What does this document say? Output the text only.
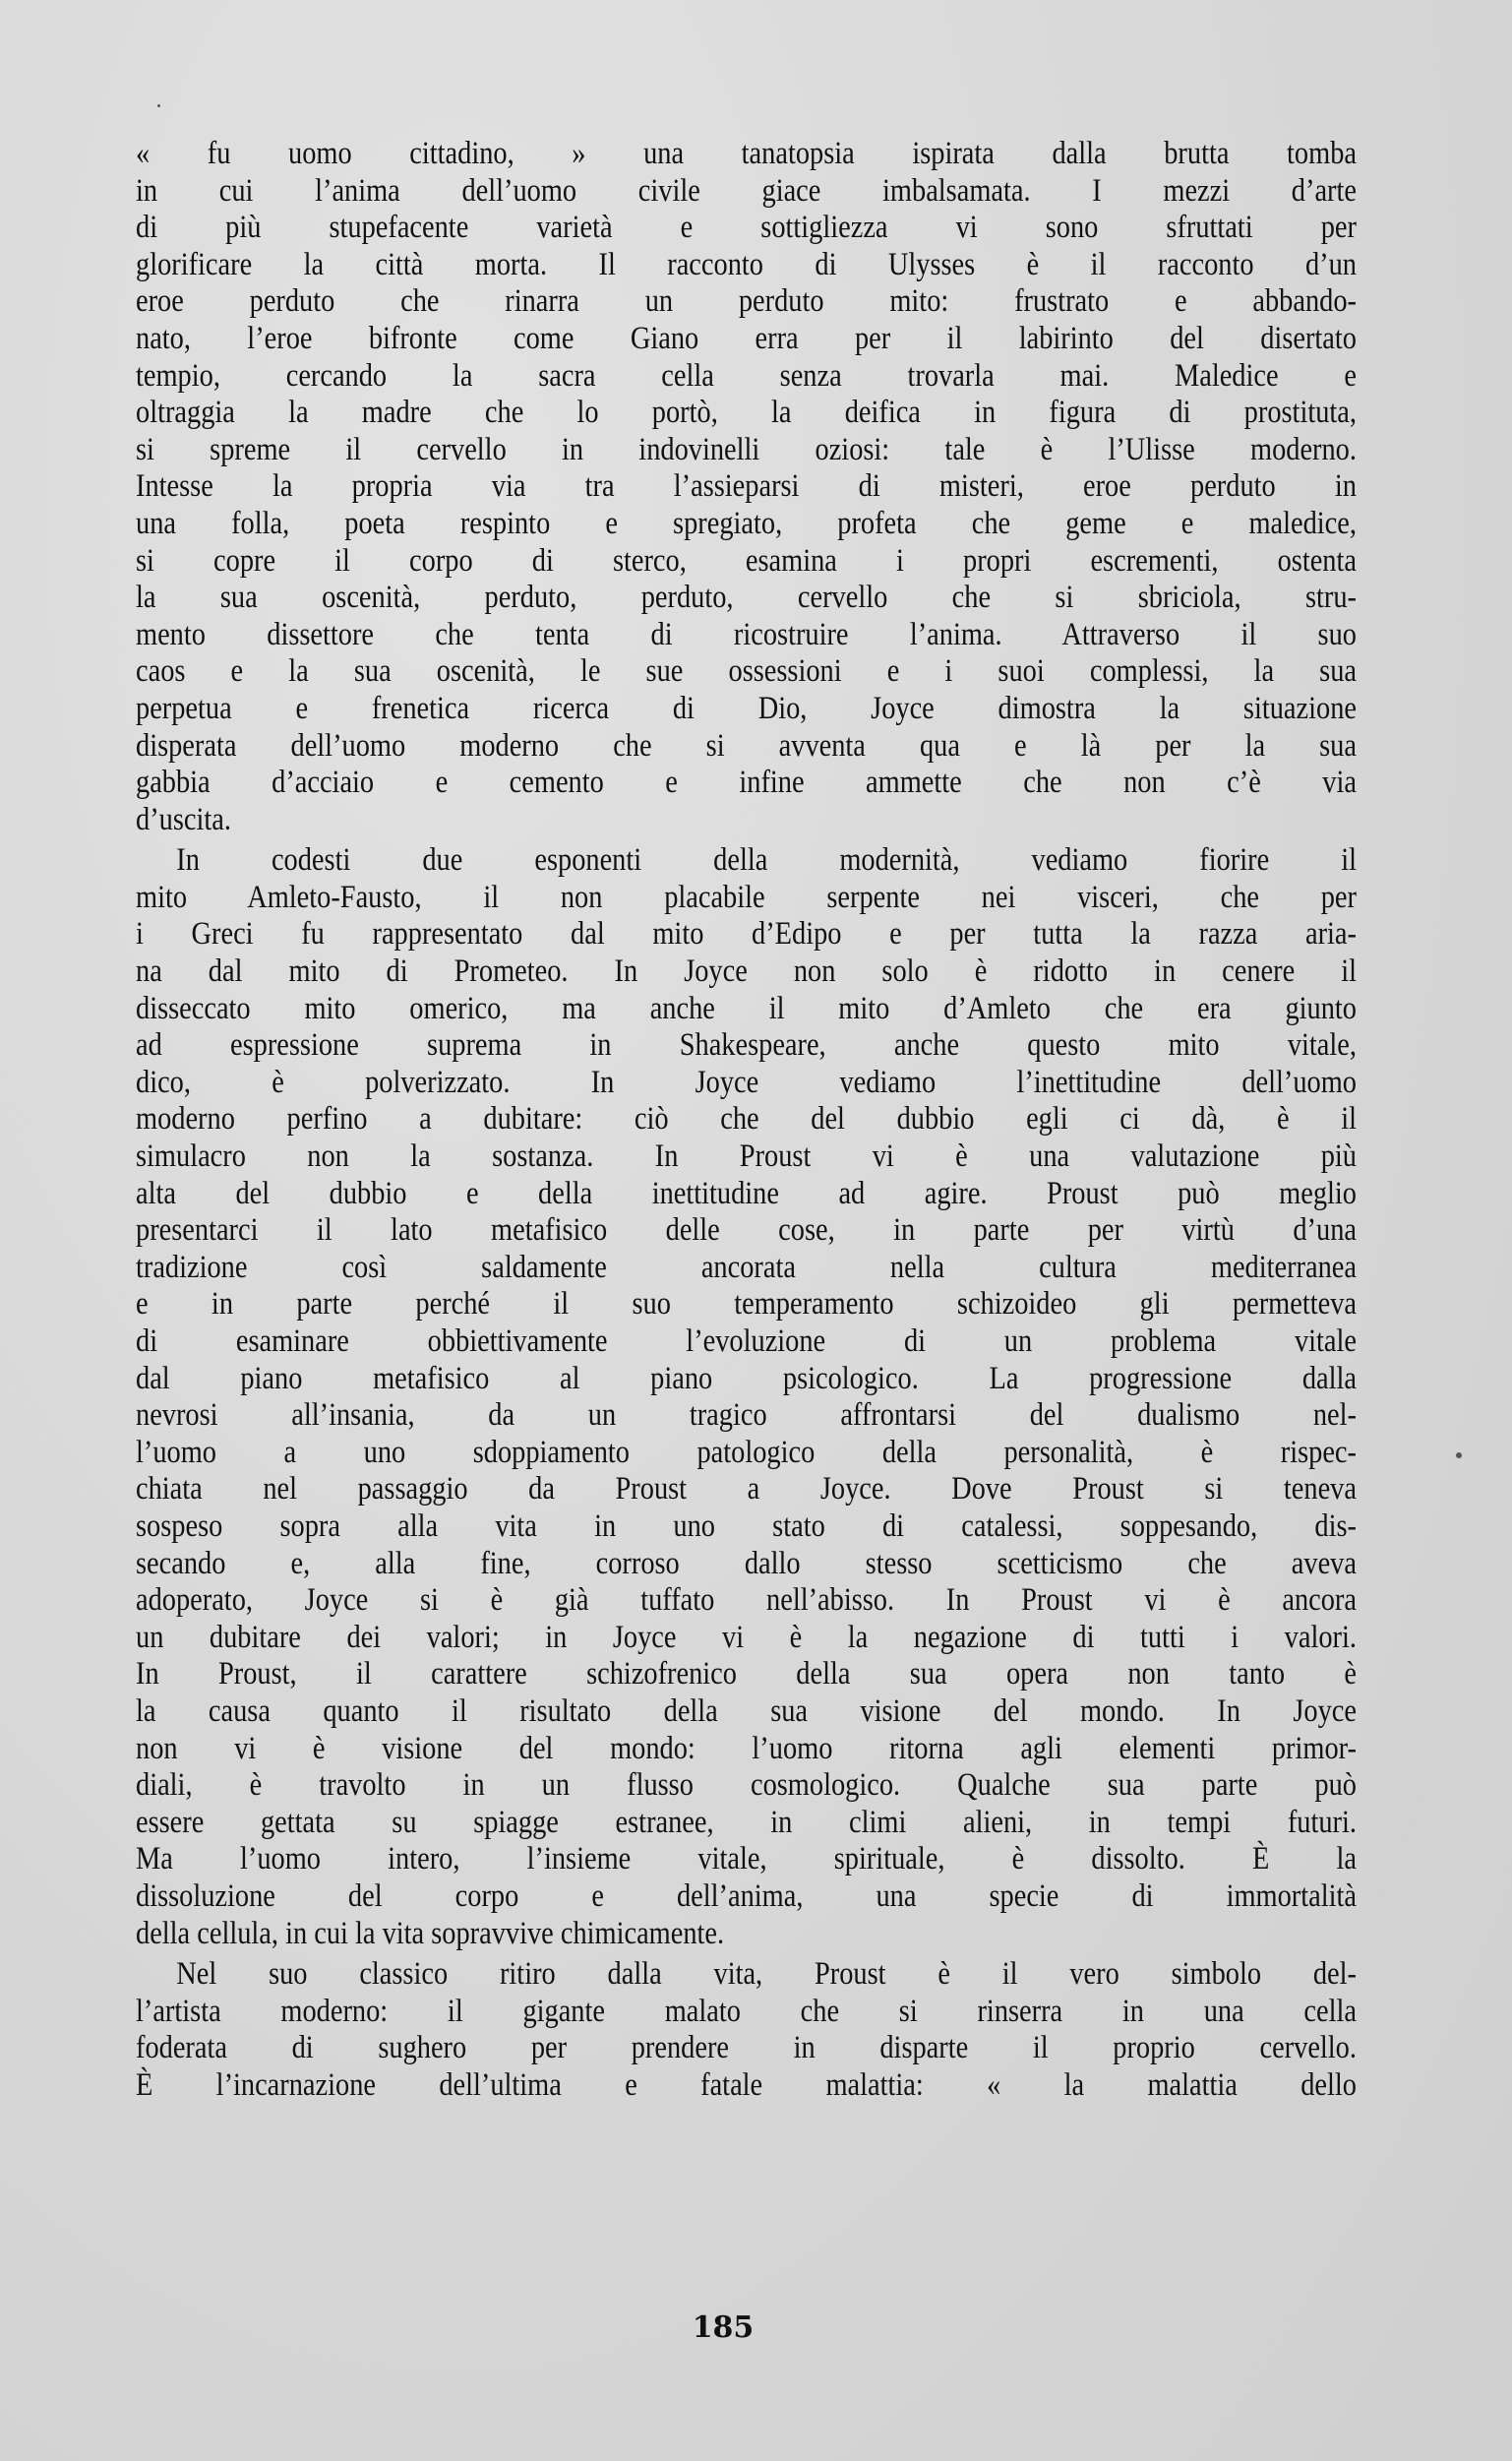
« fu uomo cittadino, » una tanatopsia ispirata dalla brutta tomba
in cui l’anima dell’uomo civile giace imbalsamata. I mezzi d’arte
di più stupefacente varietà e sottigliezza vi sono sfruttati per
glorificare la città morta. Il racconto di Ulysses è il racconto d’un
eroe perduto che rinarra un perduto mito: frustrato e abbando-
nato, l’eroe bifronte come Giano erra per il labirinto del disertato
tempio, cercando la sacra cella senza trovarla mai. Maledice e
oltraggia la madre che lo portò, la deifica in figura di prostituta,
si spreme il cervello in indovinelli oziosi: tale è l’Ulisse moderno.
Intesse la propria via tra l’assieparsi di misteri, eroe perduto in
una folla, poeta respinto e spregiato, profeta che geme e maledice,
si copre il corpo di sterco, esamina i propri escrementi, ostenta
la sua oscenità, perduto, perduto, cervello che si sbriciola, stru-
mento dissettore che tenta di ricostruire l’anima. Attraverso il suo
caos e la sua oscenità, le sue ossessioni e i suoi complessi, la sua
perpetua e frenetica ricerca di Dio, Joyce dimostra la situazione
disperata dell’uomo moderno che si avventa qua e là per la sua
gabbia d’acciaio e cemento e infine ammette che non c’è via
d’uscita.
In codesti due esponenti della modernità, vediamo fiorire il
mito Amleto-Fausto, il non placabile serpente nei visceri, che per
i Greci fu rappresentato dal mito d’Edipo e per tutta la razza aria-
na dal mito di Prometeo. In Joyce non solo è ridotto in cenere il
disseccato mito omerico, ma anche il mito d’Amleto che era giunto
ad espressione suprema in Shakespeare, anche questo mito vitale,
dico, è polverizzato. In Joyce vediamo l’inettitudine dell’uomo
moderno perfino a dubitare: ciò che del dubbio egli ci dà, è il
simulacro non la sostanza. In Proust vi è una valutazione più
alta del dubbio e della inettitudine ad agire. Proust può meglio
presentarci il lato metafisico delle cose, in parte per virtù d’una
tradizione così saldamente ancorata nella cultura mediterranea
e in parte perché il suo temperamento schizoideo gli permetteva
di esaminare obbiettivamente l’evoluzione di un problema vitale
dal piano metafisico al piano psicologico. La progressione dalla
nevrosi all’insania, da un tragico affrontarsi del dualismo nel-
l’uomo a uno sdoppiamento patologico della personalità, è rispec-
chiata nel passaggio da Proust a Joyce. Dove Proust si teneva
sospeso sopra alla vita in uno stato di catalessi, soppesando, dis-
secando e, alla fine, corroso dallo stesso scetticismo che aveva
adoperato, Joyce si è già tuffato nell’abisso. In Proust vi è ancora
un dubitare dei valori; in Joyce vi è la negazione di tutti i valori.
In Proust, il carattere schizofrenico della sua opera non tanto è
la causa quanto il risultato della sua visione del mondo. In Joyce
non vi è visione del mondo: l’uomo ritorna agli elementi primor-
diali, è travolto in un flusso cosmologico. Qualche sua parte può
essere gettata su spiagge estranee, in climi alieni, in tempi futuri.
Ma l’uomo intero, l’insieme vitale, spirituale, è dissolto. È la
dissoluzione del corpo e dell’anima, una specie di immortalità
della cellula, in cui la vita sopravvive chimicamente.
Nel suo classico ritiro dalla vita, Proust è il vero simbolo del-
l’artista moderno: il gigante malato che si rinserra in una cella
foderata di sughero per prendere in disparte il proprio cervello.
È l’incarnazione dell’ultima e fatale malattia: « la malattia dello
185
